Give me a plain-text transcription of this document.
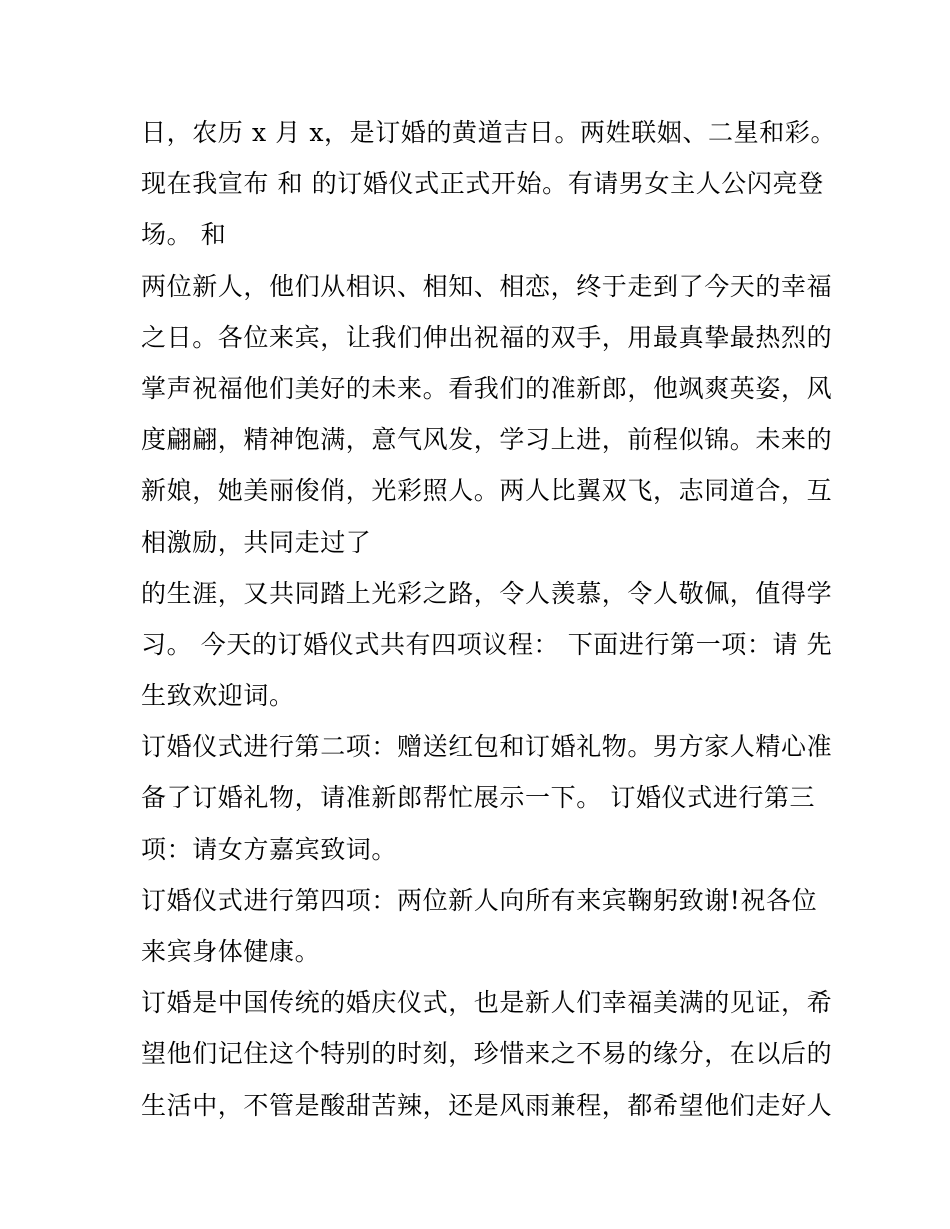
日，农历 x 月 x，是订婚的黄道吉日。两姓联姻、二星和彩。
现在我宣布 和 的订婚仪式正式开始。有请男女主人公闪亮登
场。 和
两位新人，他们从相识、相知、相恋，终于走到了今天的幸福
之日。各位来宾，让我们伸出祝福的双手，用最真挚最热烈的
掌声祝福他们美好的未来。看我们的准新郎，他飒爽英姿，风
度翩翩，精神饱满，意气风发，学习上进，前程似锦。未来的
新娘，她美丽俊俏，光彩照人。两人比翼双飞，志同道合，互
相激励，共同走过了
的生涯，又共同踏上光彩之路，令人羡慕，令人敬佩，值得学
习。 今天的订婚仪式共有四项议程： 下面进行第一项：请 先
生致欢迎词。
订婚仪式进行第二项：赠送红包和订婚礼物。男方家人精心准
备了订婚礼物，请准新郎帮忙展示一下。 订婚仪式进行第三
项：请女方嘉宾致词。
订婚仪式进行第四项：两位新人向所有来宾鞠躬致谢!祝各位
来宾身体健康。
订婚是中国传统的婚庆仪式，也是新人们幸福美满的见证，希
望他们记住这个特别的时刻，珍惜来之不易的缘分，在以后的
生活中，不管是酸甜苦辣，还是风雨兼程，都希望他们走好人
